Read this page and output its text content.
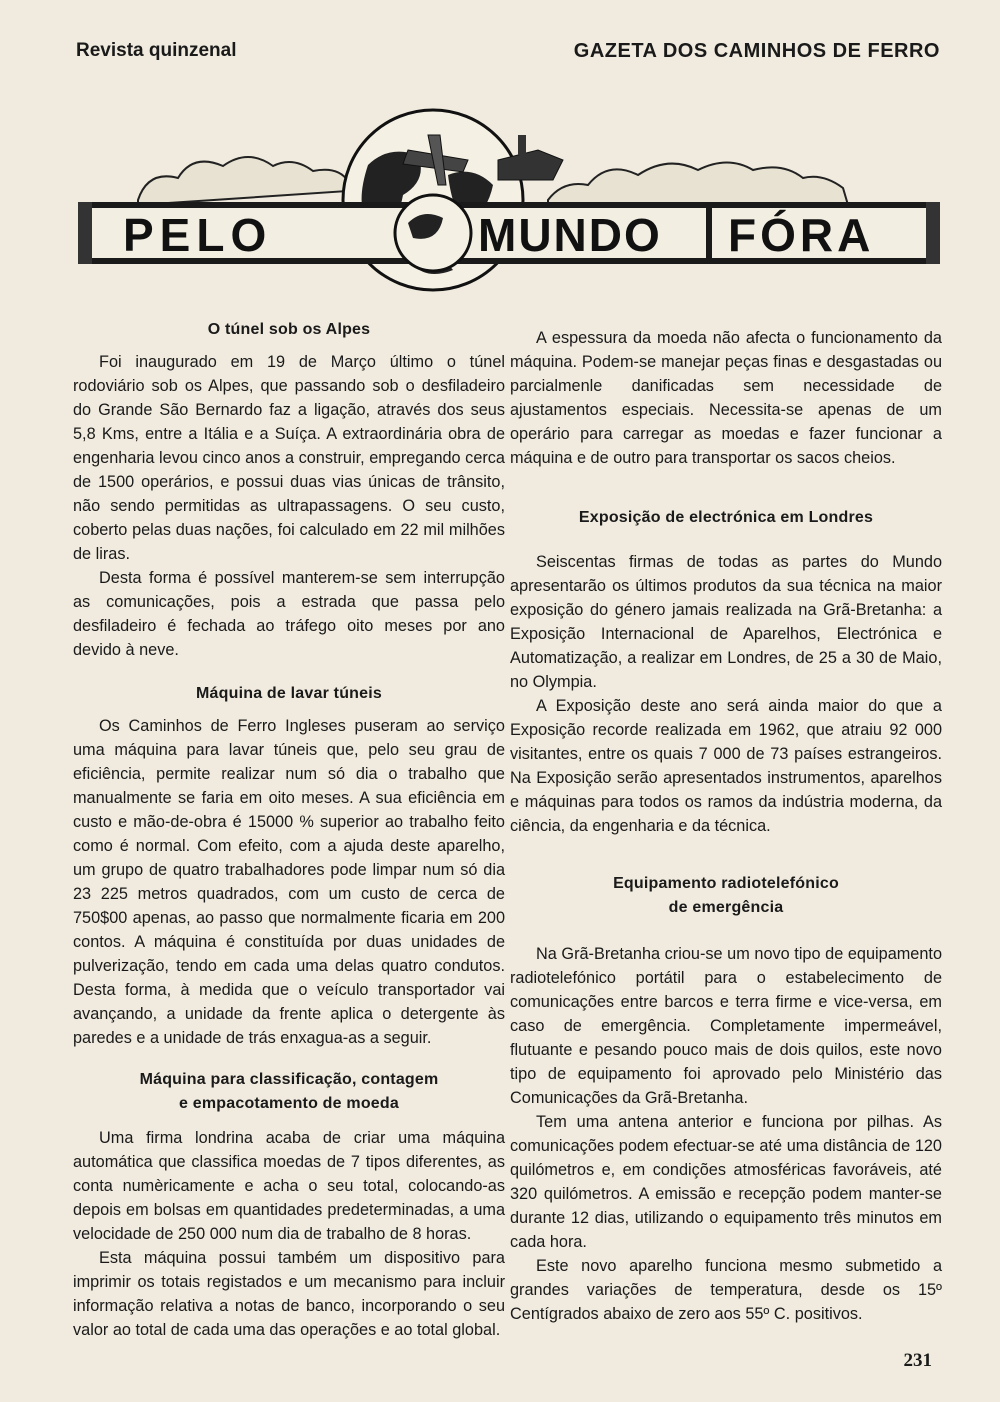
Revista quinzenal	GAZETA DOS CAMINHOS DE FERRO
PELO	MUNDO FÓRA
O túnel sob os Alpes

Foi inaugurado em 19 de Março último o túnel rodoviário sob os Alpes, que passando sob o desfiladeiro do Grande São Bernardo faz a ligação, através dos seus 5,8 Kms, entre a Itália e a Suíça. A extraordinária obra de engenharia levou cinco anos a construir, empregando cerca de 1500 operários, e possui duas vias únicas de trânsito, não sendo permitidas as ultrapassagens. O seu custo, coberto pelas duas nações, foi calculado em 22 mil milhões de liras.

Desta forma é possível manterem-se sem interrupção as comunicações, pois a estrada que passa pelo desfiladeiro é fechada ao tráfego oito meses por ano devido à neve.

Máquina de lavar túneis

Os Caminhos de Ferro Ingleses puseram ao serviço uma máquina para lavar túneis que, pelo seu grau de eficiência, permite realizar num só dia o trabalho que manualmente se faria em oito meses. A sua eficiência em custo e mão-de-obra é 15000 % superior ao trabalho feito como é normal. Com efeito, com a ajuda deste aparelho, um grupo de quatro trabalhadores pode limpar num só dia 23 225 metros quadrados, com um custo de cerca de 750$00 apenas, ao passo que normalmente ficaria em 200 contos. A máquina é constituída por duas unidades de pulverização, tendo em cada uma delas quatro condutos. Desta forma, à medida que o veículo transportador vai avançando, a unidade da frente aplica o detergente às paredes e a unidade de trás enxagua-as a seguir.

Máquina para classificação, contagem
e empacotamento de moeda

Uma firma londrina acaba de criar uma máquina automática que classifica moedas de 7 tipos diferentes, as conta numèricamente e acha o seu total, colocando-as depois em bolsas em quantidades predeterminadas, a uma velocidade de 250 000 num dia de trabalho de 8 horas.

Esta máquina possui também um dispositivo para imprimir os totais registados e um mecanismo para incluir informação relativa a notas de banco, incorporando o seu valor ao total de cada uma das operações e ao total global.

A espessura da moeda não afecta o funcionamento da máquina. Podem-se manejar peças finas e desgastadas ou parcialmenle danificadas sem necessidade de ajustamentos especiais. Necessita-se apenas de um operário para carregar as moedas e fazer funcionar a máquina e de outro para transportar os sacos cheios.

Exposição de electrónica em Londres

Seiscentas firmas de todas as partes do Mundo apresentarão os últimos produtos da sua técnica na maior exposição do género jamais realizada na Grã-Bretanha: a Exposição Internacional de Aparelhos, Electrónica e Automatização, a realizar em Londres, de 25 a 30 de Maio, no Olympia.

A Exposição deste ano será ainda maior do que a Exposição recorde realizada em 1962, que atraiu 92 000 visitantes, entre os quais 7 000 de 73 países estrangeiros. Na Exposição serão apresentados instrumentos, aparelhos e máquinas para todos os ramos da indústria moderna, da ciência, da engenharia e da técnica.

Equipamento radiotelefónico
de emergência

Na Grã-Bretanha criou-se um novo tipo de equipamento radiotelefónico portátil para o estabelecimento de comunicações entre barcos e terra firme e vice-versa, em caso de emergência. Completamente impermeável, flutuante e pesando pouco mais de dois quilos, este novo tipo de equipamento foi aprovado pelo Ministério das Comunicações da Grã-Bretanha.

Tem uma antena anterior e funciona por pilhas. As comunicações podem efectuar-se até uma distância de 120 quilómetros e, em condições atmosféricas favoráveis, até 320 quilómetros. A emissão e recepção podem manter-se durante 12 dias, utilizando o equipamento três minutos em cada hora.

Este novo aparelho funciona mesmo submetido a grandes variações de temperatura, desde os 15º Centígrados abaixo de zero aos 55º C. positivos.

231
